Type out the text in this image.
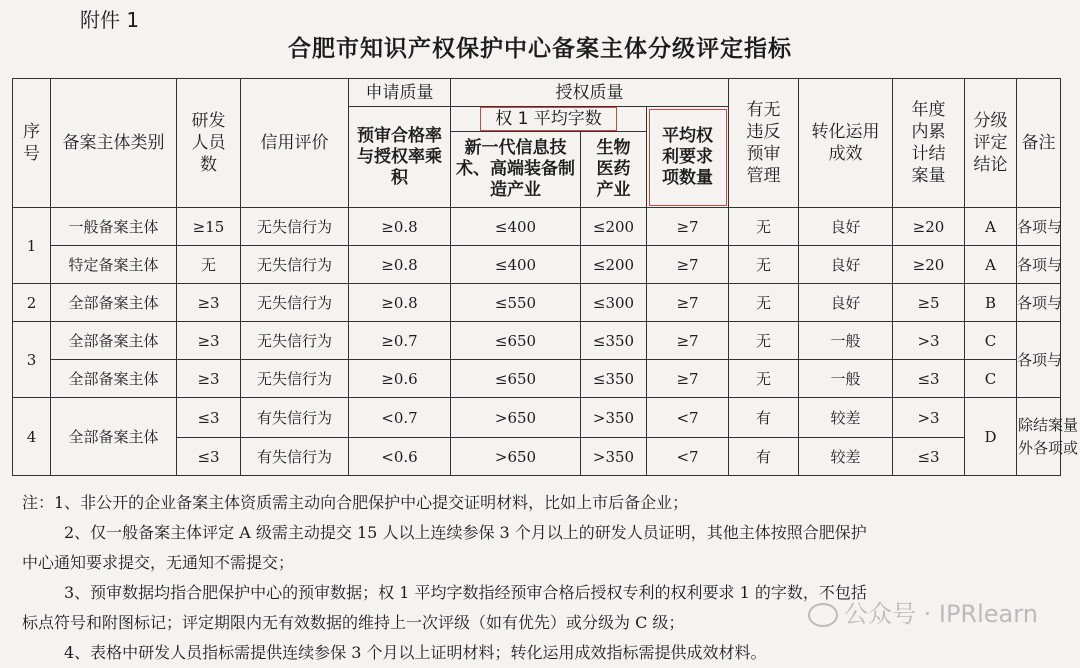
附件 1
合肥市知识产权保护中心备案主体分级评定指标
序号	备案主体类别	研发人员数	信用评价	申请质量	授权质量			有无违反预审管理	转化运用成效	年度内累计结案量	分级评定结论	备注
				预审合格率与授权率乘积	权 1 平均字数		平均权利要求项数量					
					新一代信息技术、高端装备制造产业	生物医药产业						
1	一般备案主体	≥15	无失信行为	≥0.8	≤400	≤200	≥7	无	良好	≥20	A	各项与
	特定备案主体	无	无失信行为	≥0.8	≤400	≤200	≥7	无	良好	≥20	A	各项与
2	全部备案主体	≥3	无失信行为	≥0.8	≤550	≤300	≥7	无	良好	≥5	B	各项与
3	全部备案主体	≥3	无失信行为	≥0.7	≤650	≤350	≥7	无	一般	>3	C	各项与
	全部备案主体	≥3	无失信行为	≥0.6	≤650	≤350	≥7	无	一般	≤3	C	
4	全部备案主体	≤3	有失信行为	<0.7	>650	>350	<7	有	较差	>3	D	除结案量外各项或
		≤3	有失信行为	<0.6	>650	>350	<7	有	较差	≤3		

注：1、非公开的企业备案主体资质需主动向合肥保护中心提交证明材料，比如上市后备企业；

2、仅一般备案主体评定 A 级需主动提交 15 人以上连续参保 3 个月以上的研发人员证明，其他主体按照合肥保护

中心通知要求提交，无通知不需提交；

3、预审数据均指合肥保护中心的预审数据；权 1 平均字数指经预审合格后授权专利的权利要求 1 的字数，不包括

标点符号和附图标记；评定期限内无有效数据的维持上一次评级（如有优先）或分级为 C 级；

4、表格中研发人员指标需提供连续参保 3 个月以上证明材料；转化运用成效指标需提供成效材料。

公众号 · IPRlearn
